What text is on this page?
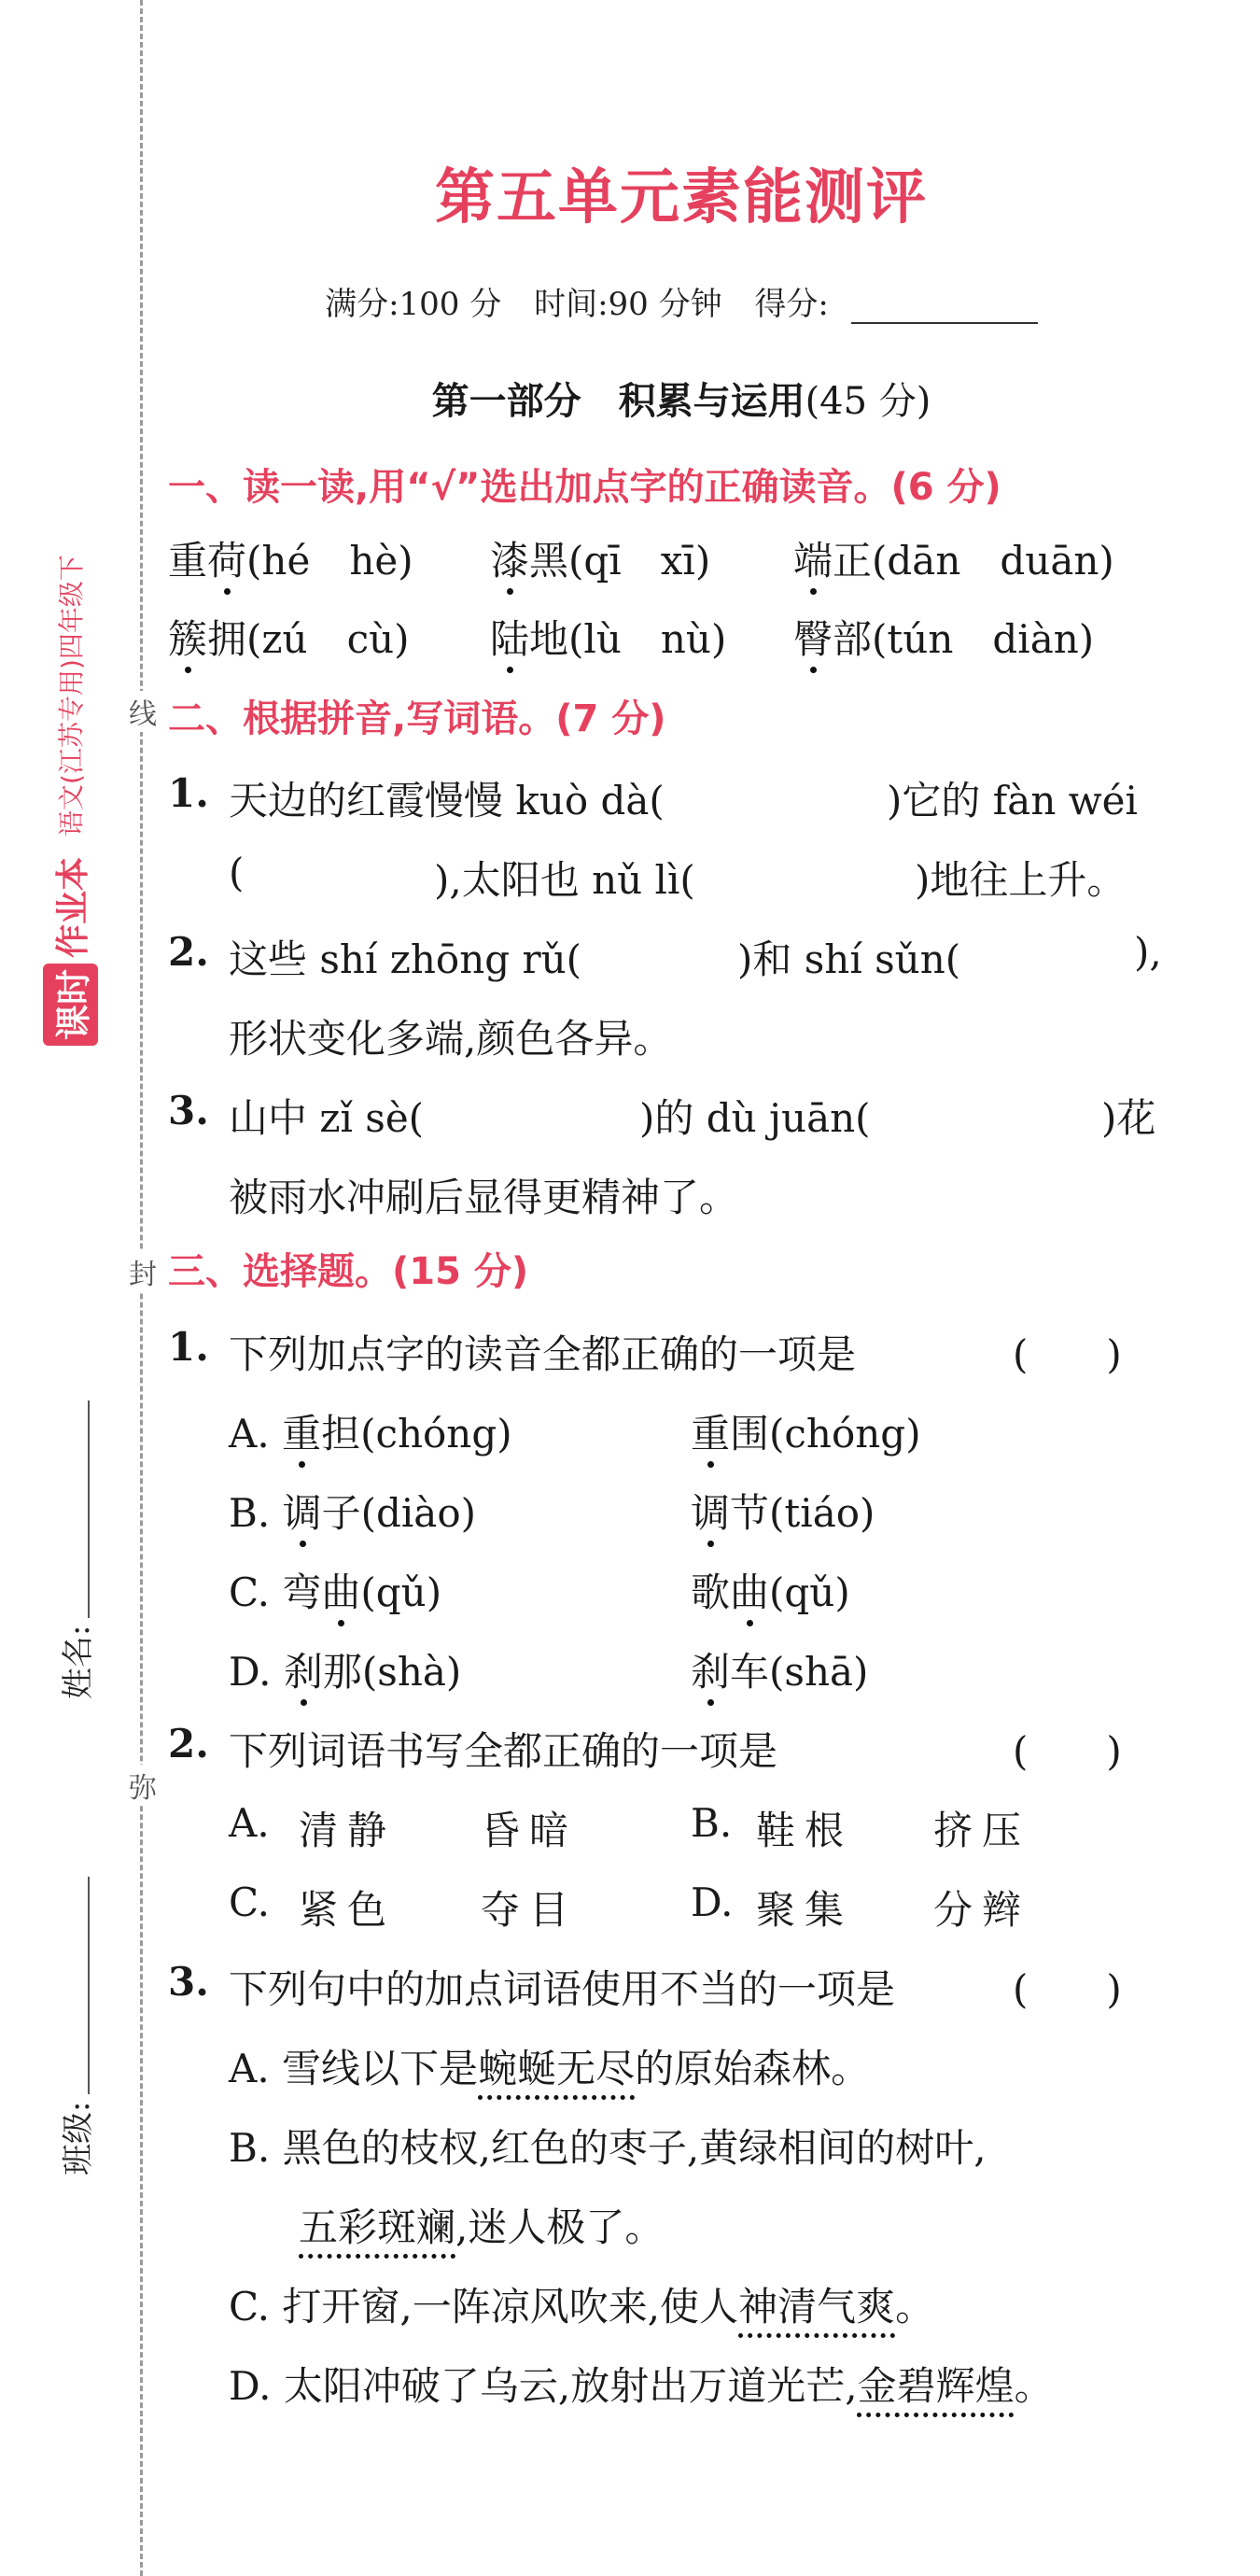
线
封
弥
课时
作业本
语文(江苏专用)四年级下
姓名:
班级:
第五单元素能测评
满分:100 分 时间:90 分钟 得分:
第一部分　积累与运用(45 分)
一、读一读,用“√”选出加点字的正确读音。(6 分)
重荷(hé　hè) 漆黑(qī　xī) 端正(dān　duān)
簇拥(zú　cù) 陆地(lù　nù) 臀部(tún　diàn)
二、根据拼音,写词语。(7 分)
1. 天边的红霞慢慢 kuò dà(	)它的 fàn wéi
(	),太阳也 nǔ lì(	)地往上升。
2. 这些 shí zhōng rǔ(	)和 shí sǔn(	),
形状变化多端,颜色各异。
3. 山中 zǐ sè(	)的 dù juān(	)花
被雨水冲刷后显得更精神了。
三、选择题。(15 分)
1. 下列加点字的读音全都正确的一项是	(　　)
A. 重担(chóng)	重围(chóng)
B. 调子(diào)	调节(tiáo)
C. 弯曲(qǔ)	歌曲(qǔ)
D. 刹那(shà)	刹车(shā)
2. 下列词语书写全都正确的一项是	(　　)
A. 清静 昏暗	B. 鞋根 挤压
C. 紧色 夺目	D. 聚集 分辫
3. 下列句中的加点词语使用不当的一项是	(　　)
A. 雪线以下是蜿蜒无尽的原始森林。
B. 黑色的枝杈,红色的枣子,黄绿相间的树叶,
五彩斑斓,迷人极了。
C. 打开窗,一阵凉风吹来,使人神清气爽。
D. 太阳冲破了乌云,放射出万道光芒,金碧辉煌。
